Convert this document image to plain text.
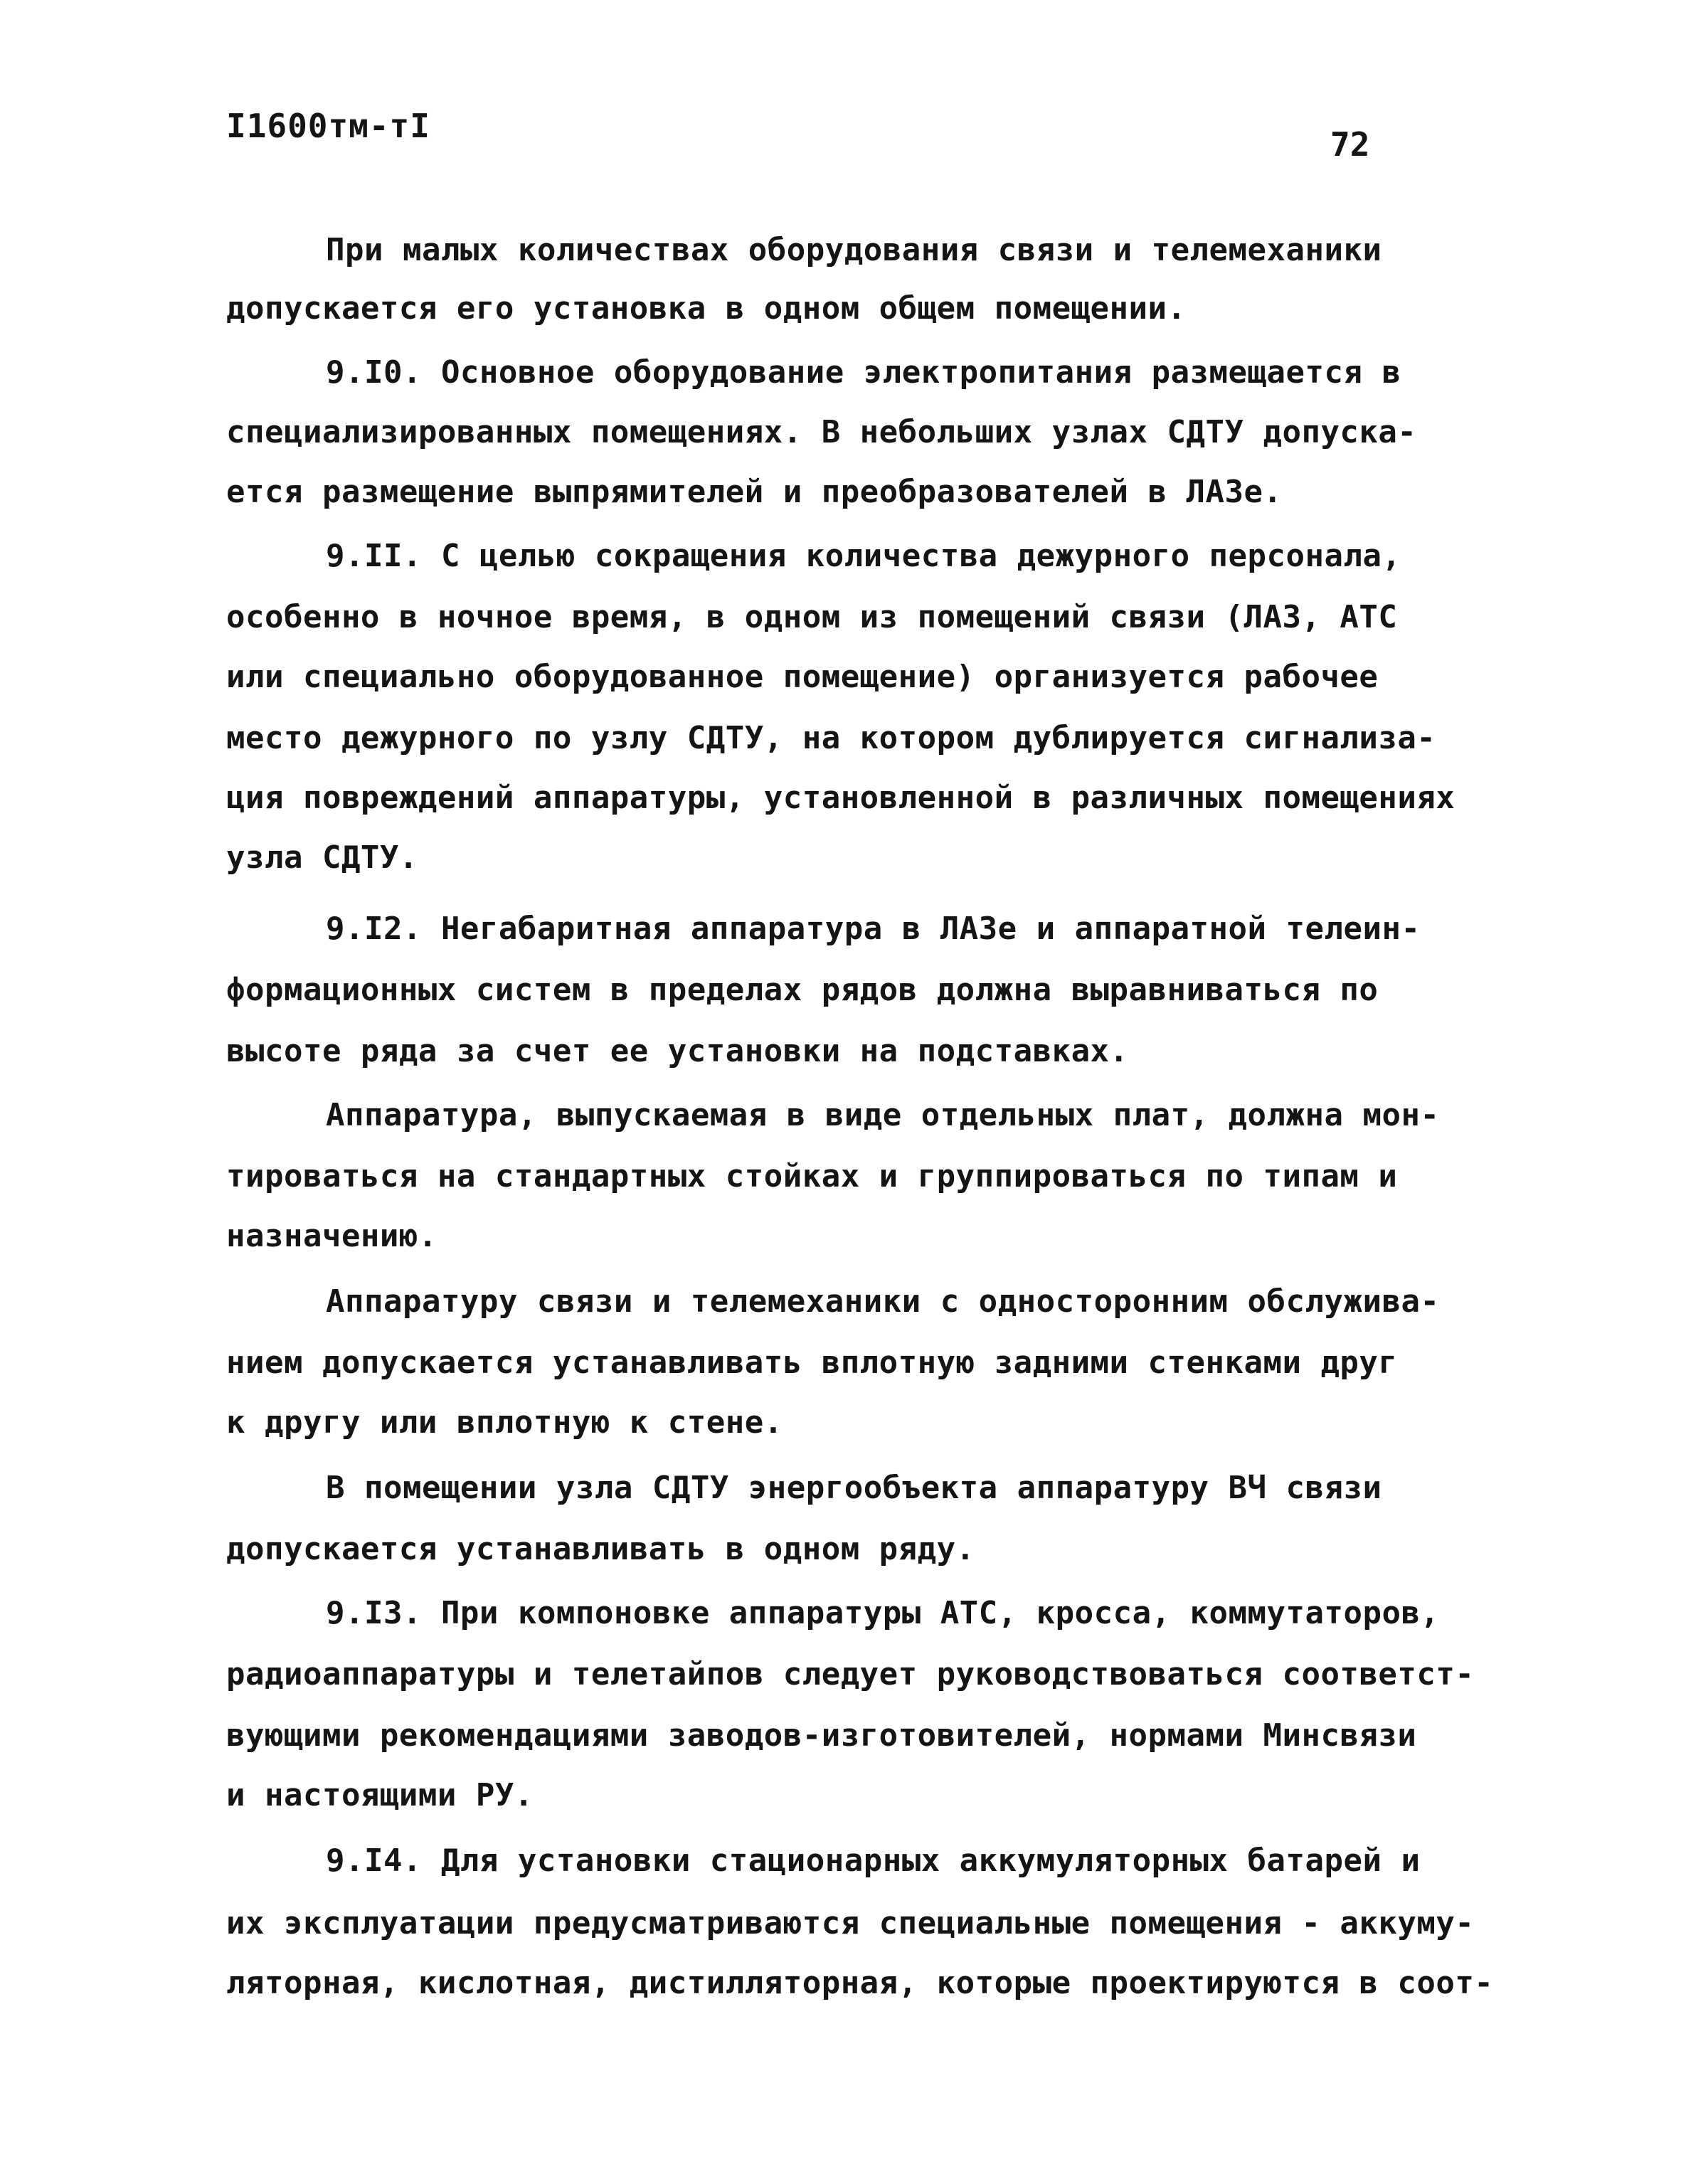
I1600тм-тI	72
При малых количествах оборудования связи и телемеханики
допускается его установка в одном общем помещении.
9.I0. Основное оборудование электропитания размещается в
специализированных помещениях. В небольших узлах СДТУ допуска-
ется размещение выпрямителей и преобразователей в ЛАЗе.
9.II. С целью сокращения количества дежурного персонала,
особенно в ночное время, в одном из помещений связи (ЛАЗ, АТС
или специально оборудованное помещение) организуется рабочее
место дежурного по узлу СДТУ, на котором дублируется сигнализа-
ция повреждений аппаратуры, установленной в различных помещениях
узла СДТУ.
9.I2. Негабаритная аппаратура в ЛАЗе и аппаратной телеин-
формационных систем в пределах рядов должна выравниваться по
высоте ряда за счет ее установки на подставках.
Аппаратура, выпускаемая в виде отдельных плат, должна мон-
тироваться на стандартных стойках и группироваться по типам и
назначению.
Аппаратуру связи и телемеханики с односторонним обслужива-
нием допускается устанавливать вплотную задними стенками друг
к другу или вплотную к стене.
В помещении узла СДТУ энергообъекта аппаратуру ВЧ связи
допускается устанавливать в одном ряду.
9.I3. При компоновке аппаратуры АТС, кросса, коммутаторов,
радиоаппаратуры и телетайпов следует руководствоваться соответст-
вующими рекомендациями заводов-изготовителей, нормами Минсвязи
и настоящими РУ.
9.I4. Для установки стационарных аккумуляторных батарей и
их эксплуатации предусматриваются специальные помещения - аккуму-
ляторная, кислотная, дистилляторная, которые проектируются в соот-
